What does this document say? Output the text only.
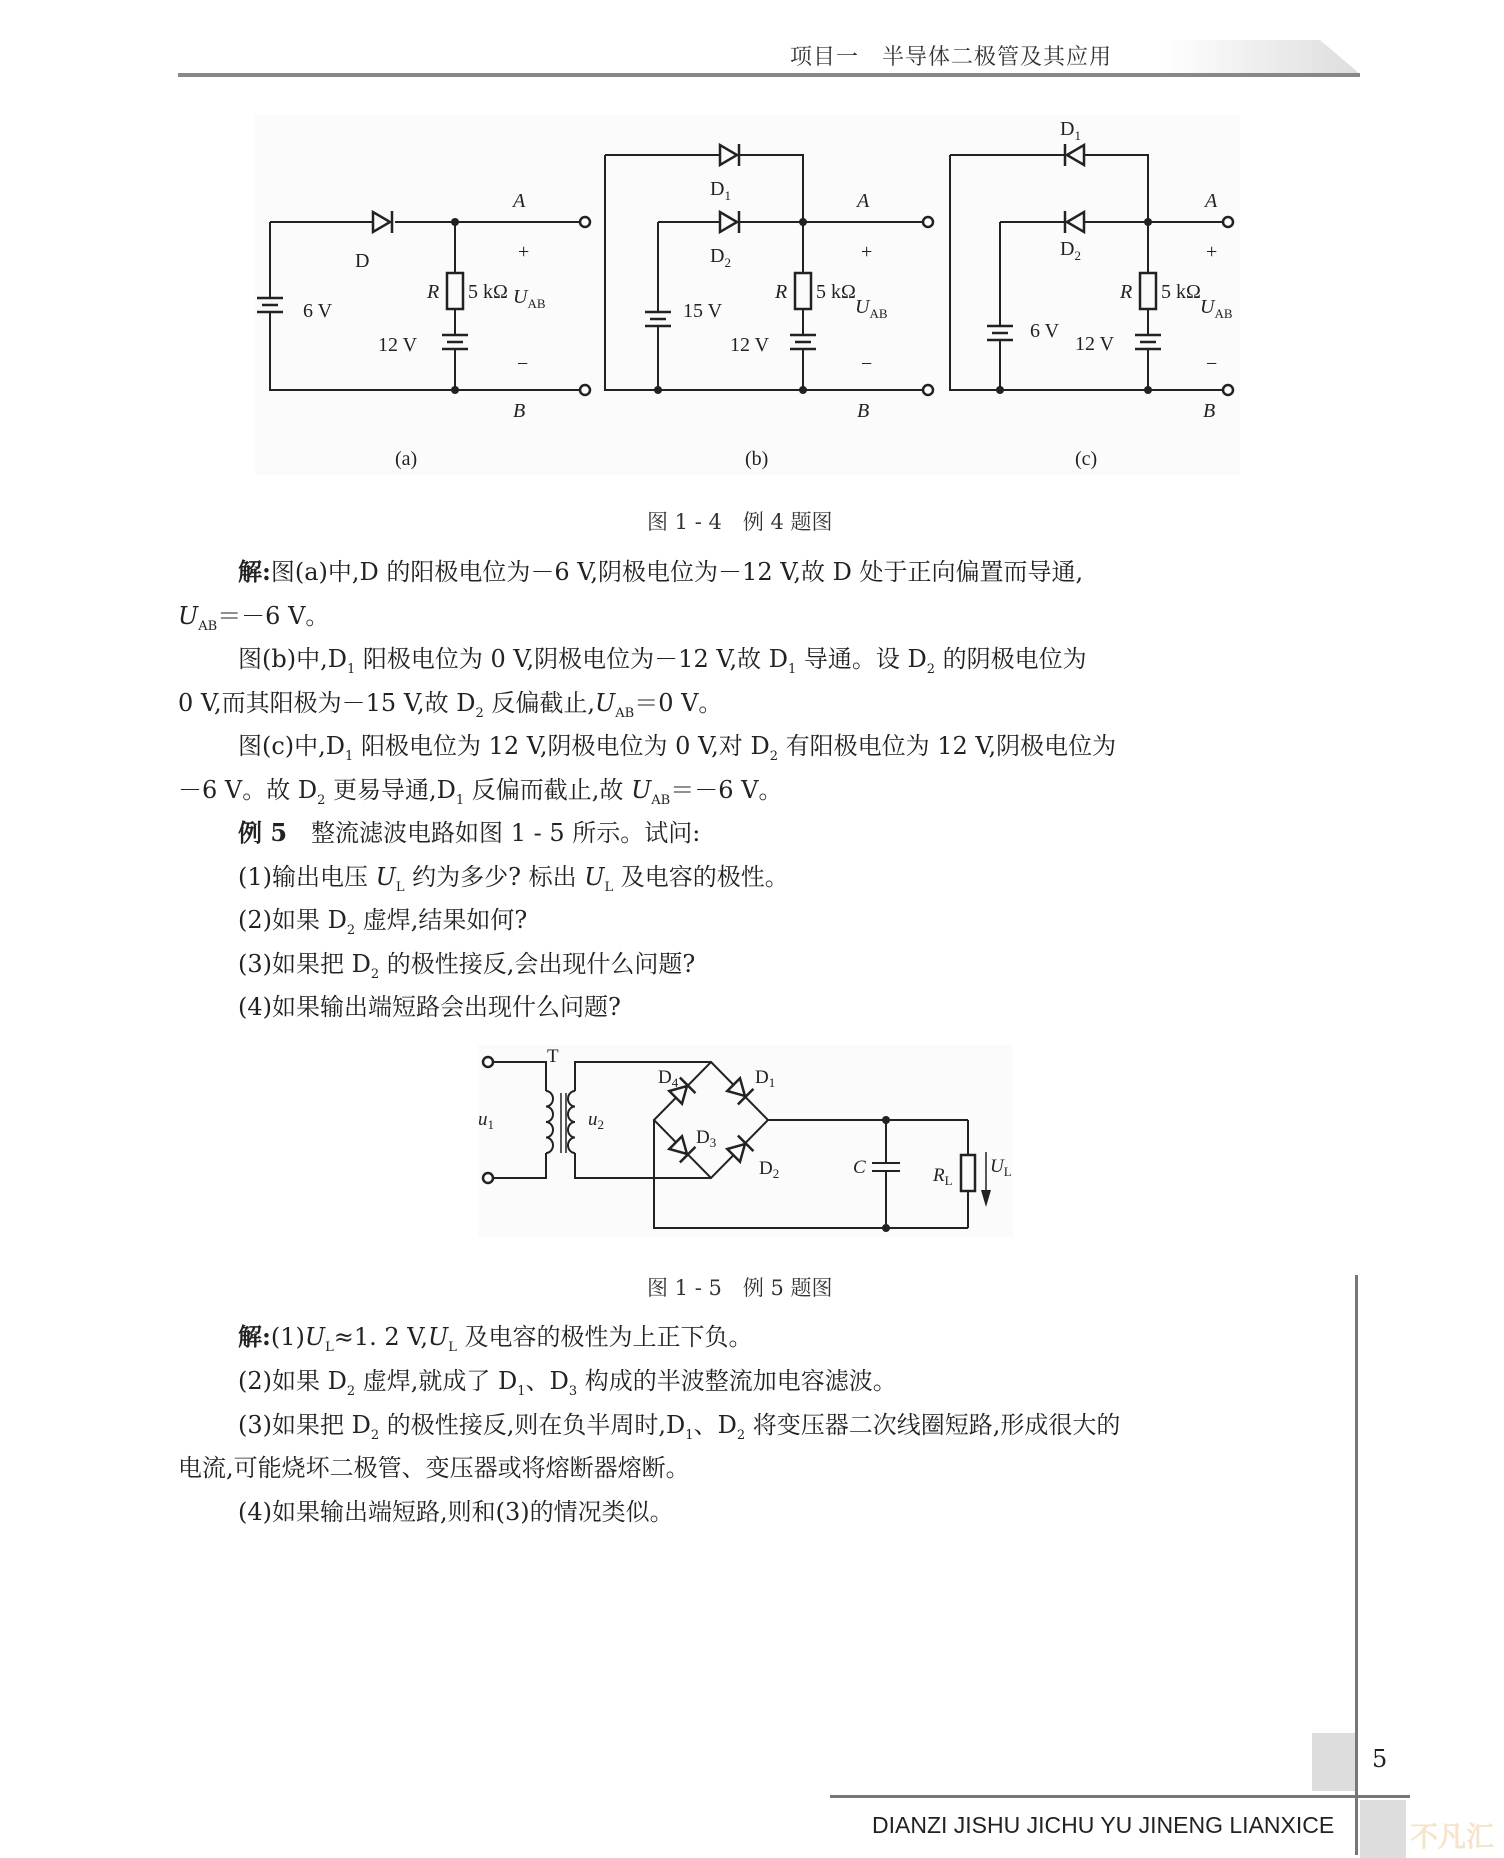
项目一　半导体二极管及其应用
D
6 V
R 5 kΩ
12 V
A
B
+
−
$U_{AB}$
(a)
$D_1$
$D_2$
15 V
R 5 kΩ
12 V
A
B
+
−
$U_{AB}$
(b)
$D_1$
$D_2$
6 V
R 5 kΩ
12 V
A
B
+
−
$U_{AB}$
(c)
图 1 - 4　例 4 题图
解:图(a)中,D 的阳极电位为－6 V,阴极电位为－12 V,故 D 处于正向偏置而导通,
$U_{AB}=-6$ V。
图(b)中$,D_1$ 阳极电位为 0 V,阴极电位为－12 V,故 $D_1$ 导通。设 $D_2$ 的阴极电位为
0 V,而其阳极为－15 V,故 $D_2$ 反偏截止$,U_{AB}=0$ V。
图(c)中$,D_1$ 阳极电位为 12 V,阴极电位为 0 V,对 $D_2$ 有阳极电位为 12 V,阴极电位为
－6 V。故 $D_2$ 更易导通$,D_1$ 反偏而截止,故 $U_{AB}=-6$ V。
例 5　整流滤波电路如图 1 - 5 所示。试问:
(1)输出电压 $U_L$ 约为多少? 标出 $U_L$ 及电容的极性。
(2)如果 $D_2$ 虚焊,结果如何?
(3)如果把 $D_2$ 的极性接反,会出现什么问题?
(4)如果输出端短路会出现什么问题?
T
$u_1$	$u_2$
$D_4$	$D_1$
$D_3$
$D_2$	C	$R_L$
$U_L$
图 1 - 5　例 5 题图
解$:(1)U_L\approx 1$. 2 $V,U_L$ 及电容的极性为上正下负。
(2)如果 $D_2$ 虚焊,就成了 $D_1$、$D_3$ 构成的半波整流加电容滤波。
(3)如果把 $D_2$ 的极性接反,则在负半周时$,D_1$、$D_2$ 将变压器二次线圈短路,形成很大的
电流,可能烧坏二极管、变压器或将熔断器熔断。
(4)如果输出端短路,则和(3)的情况类似。
5
DIANZI JISHU JICHU YU JINENG LIANXICE	不凡汇
